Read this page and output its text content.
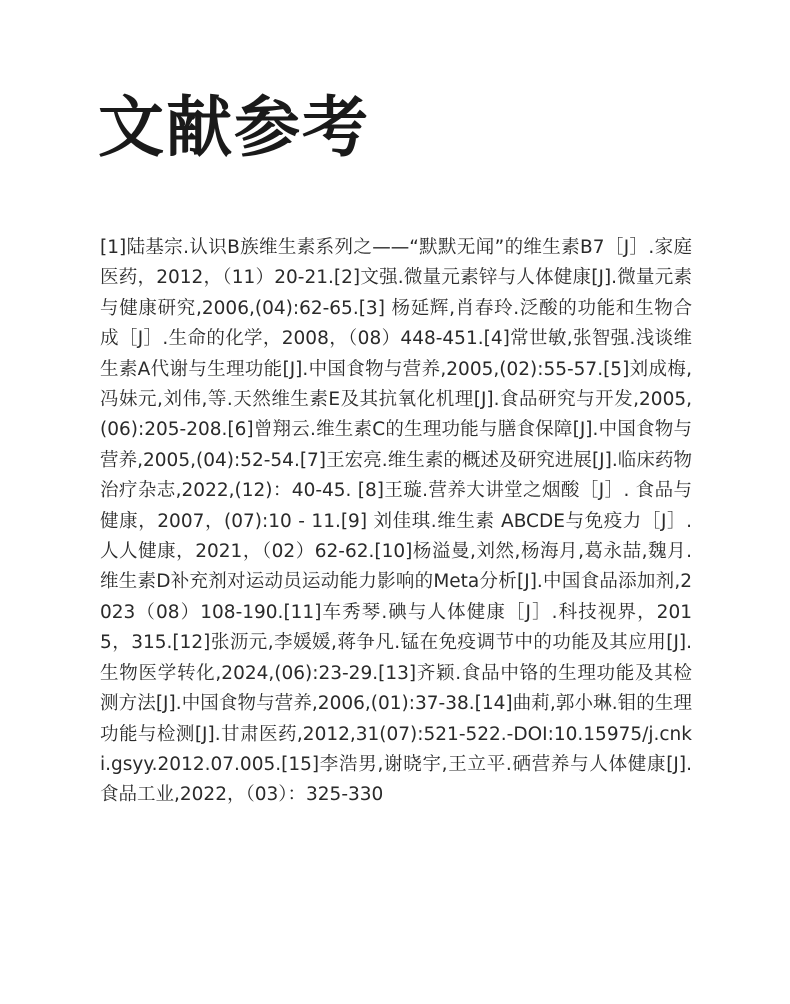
文献参考

[1]陆基宗.认识B族维生素系列之——“默默无闻”的维生素B7［J］.家庭医药，2012，（11）20-21.[2]文强.微量元素锌与人体健康[J].微量元素与健康研究,2006,(04):62-65.[3] 杨延辉,肖春玲.泛酸的功能和生物合成［J］.生命的化学，2008，（08）448-451.[4]常世敏,张智强.浅谈维生素A代谢与生理功能[J].中国食物与营养,2005,(02):55-57.[5]刘成梅,冯妹元,刘伟,等.天然维生素E及其抗氧化机理[J].食品研究与开发,2005,(06):205-208.[6]曾翔云.维生素C的生理功能与膳食保障[J].中国食物与营养,2005,(04):52-54.[7]王宏亮.维生素的概述及研究进展[J].临床药物治疗杂志,2022,(12)：40-45. [8]王璇.营养大讲堂之烟酸［J］. 食品与健康，2007，(07):10 - 11.[9] 刘佳琪.维生素 ABCDE与免疫力［J］.人人健康，2021，（02）62-62.[10]杨溢曼,刘然,杨海月,葛永喆,魏月.维生素D补充剂对运动员运动能力影响的Meta分析[J].中国食品添加剂,2023（08）108-190.[11]车秀琴.碘与人体健康［J］.科技视界，2015，315.[12]张沥元,李媛媛,蒋争凡.锰在免疫调节中的功能及其应用[J].生物医学转化,2024,(06):23-29.[13]齐颖.食品中铬的生理功能及其检测方法[J].中国食物与营养,2006,(01):37-38.[14]曲莉,郭小琳.钼的生理功能与检测[J].甘肃医药,2012,31(07):521-522.-DOI:10.15975/j.cnki.gsyy.2012.07.005.[15]李浩男,谢晓宇,王立平.硒营养与人体健康[J].食品工业,2022，（03）：325-330
